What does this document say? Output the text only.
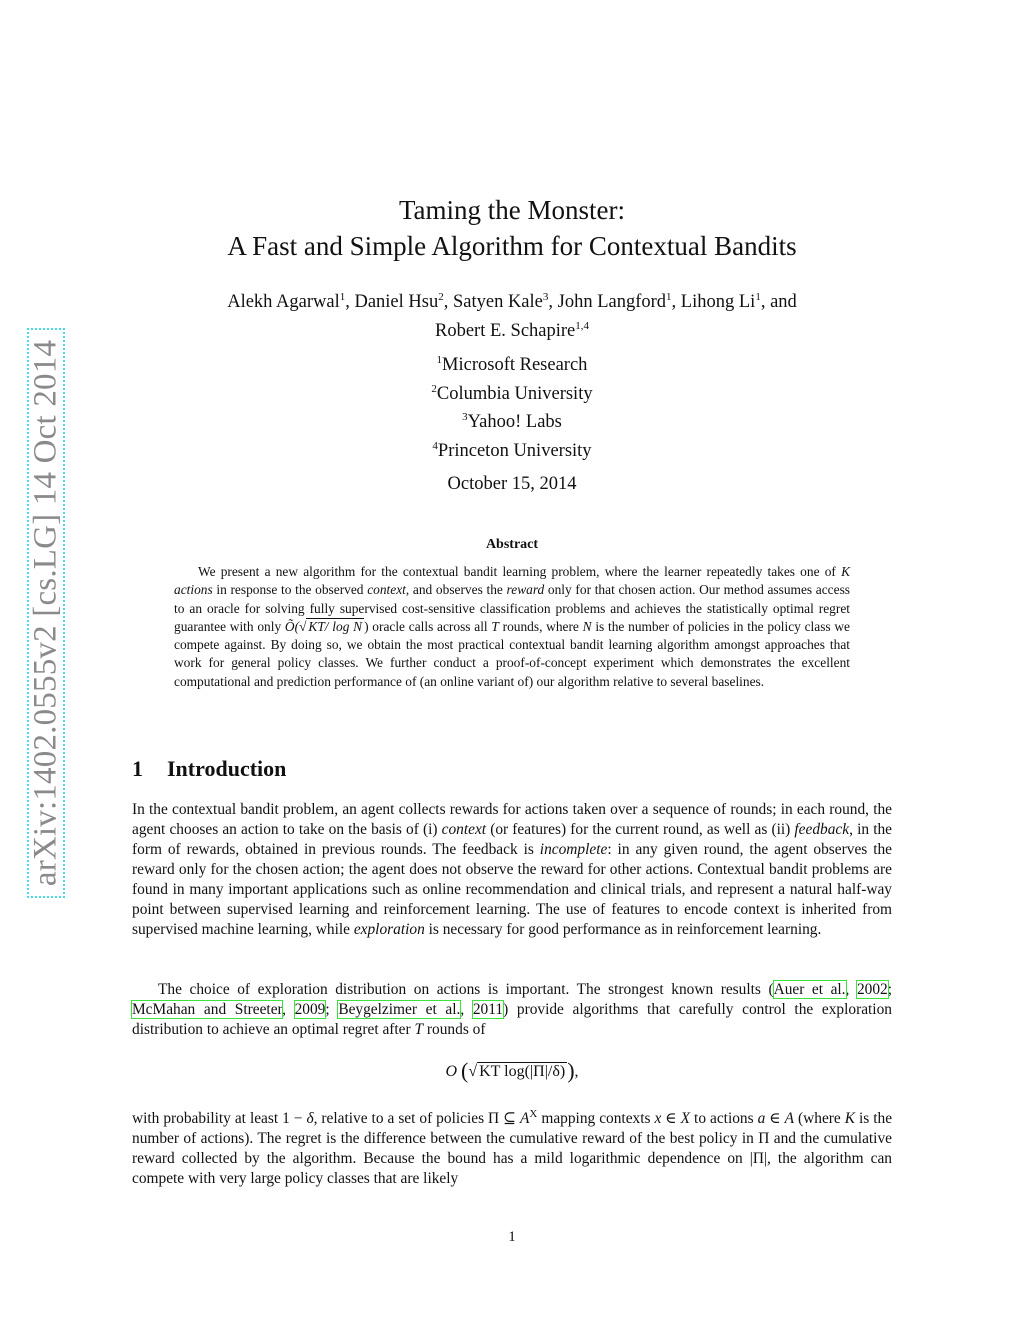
arXiv:1402.0555v2 [cs.LG] 14 Oct 2014
Taming the Monster:
A Fast and Simple Algorithm for Contextual Bandits
Alekh Agarwal$^1$, Daniel Hsu$^2$, Satyen Kale$^3$, John Langford$^1$, Lihong Li$^1$, and
Robert E. Schapire$^{1,4}$
$^1$Microsoft Research
$^2$Columbia University
$^3$Yahoo! Labs
$^4$Princeton University
October 15, 2014
Abstract
We present a new algorithm for the contextual bandit learning problem, where the learner repeatedly takes one of K actions in response to the observed context, and observes the reward only for that chosen action. Our method assumes access to an oracle for solving fully supervised cost-sensitive classification problems and achieves the statistically optimal regret guarantee with only Õ(√ KT/ log N ) oracle calls across all T rounds, where N is the number of policies in the policy class we compete against. By doing so, we obtain the most practical contextual bandit learning algorithm amongst approaches that work for general policy classes. We further conduct a proof-of-concept experiment which demonstrates the excellent computational and prediction performance of (an online variant of) our algorithm relative to several baselines.
1 Introduction
In the contextual bandit problem, an agent collects rewards for actions taken over a sequence of rounds; in each round, the agent chooses an action to take on the basis of (i) context (or features) for the current round, as well as (ii) feedback, in the form of rewards, obtained in previous rounds. The feedback is incomplete: in any given round, the agent observes the reward only for the chosen action; the agent does not observe the reward for other actions. Contextual bandit problems are found in many important applications such as online recommendation and clinical trials, and represent a natural half-way point between supervised learning and reinforcement learning. The use of features to encode context is inherited from supervised machine learning, while exploration is necessary for good performance as in reinforcement learning.
The choice of exploration distribution on actions is important. The strongest known results (Auer et al., 2002; McMahan and Streeter, 2009; Beygelzimer et al., 2011) provide algorithms that carefully control the exploration distribution to achieve an optimal regret after T rounds of
O (√ KT log(|Π|/δ)),
with probability at least 1 − δ, relative to a set of policies Π ⊆ $A^X$ mapping contexts x ∈ X to actions a ∈ A (where K is the number of actions). The regret is the difference between the cumulative reward of the best policy in Π and the cumulative reward collected by the algorithm. Because the bound has a mild logarithmic dependence on |Π|, the algorithm can compete with very large policy classes that are likely
1
